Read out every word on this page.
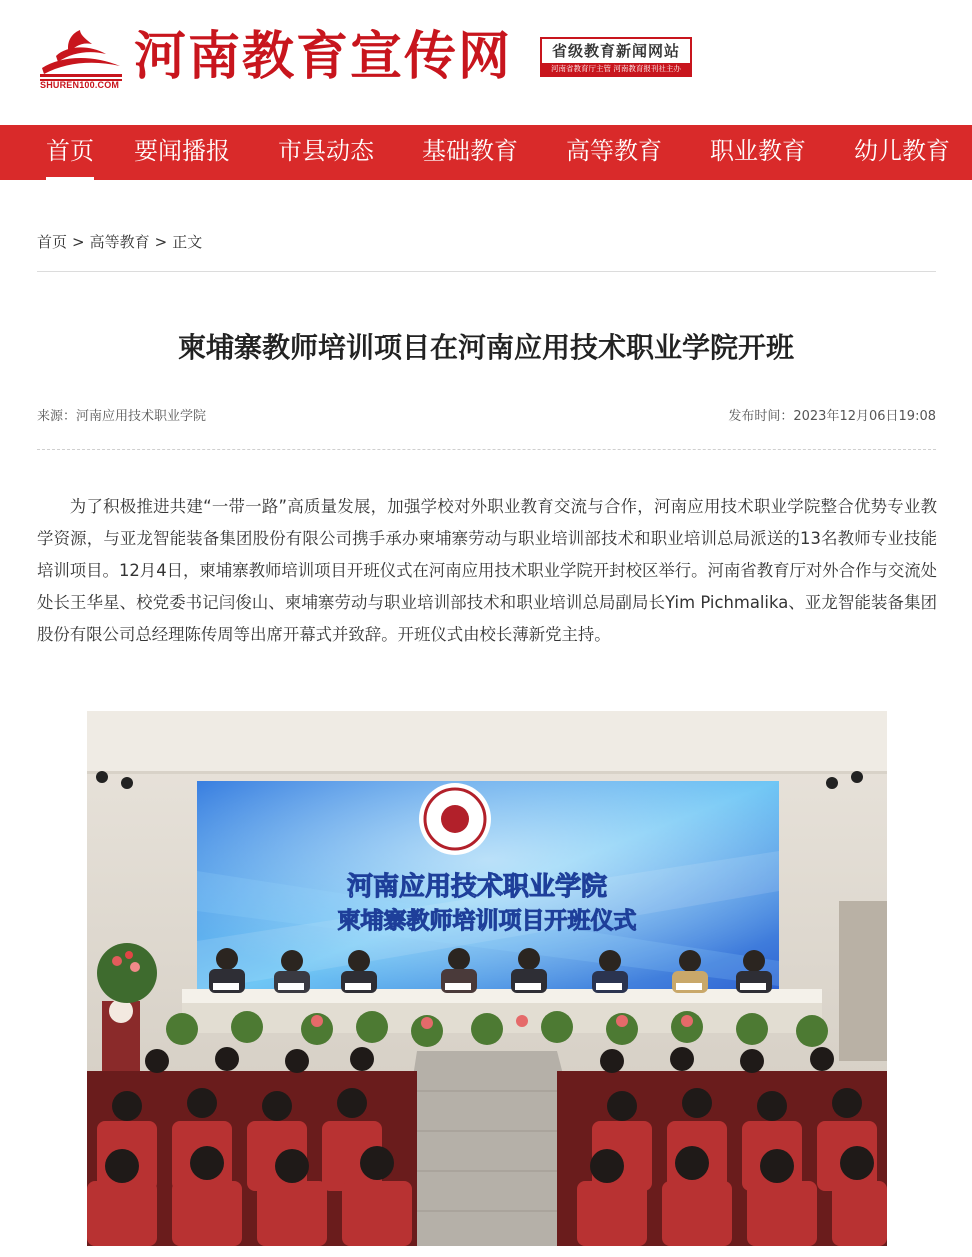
SHUREN100.COM 河南教育宣传网	省级教育新闻网站
河南省教育厅主管 河南教育报刊社主办
首页 要闻播报 市县动态 基础教育 高等教育 职业教育 幼儿教育
首页 > 高等教育 > 正文
柬埔寨教师培训项目在河南应用技术职业学院开班
来源：河南应用技术职业学院	发布时间：2023年12月06日19:08

为了积极推进共建“一带一路”高质量发展，加强学校对外职业教育交流与合作，河南应用技术职业学院整合优势专业教学资源，与亚龙智能装备集团股份有限公司携手承办柬埔寨劳动与职业培训部技术和职业培训总局派送的13名教师专业技能培训项目。12月4日，柬埔寨教师培训项目开班仪式在河南应用技术职业学院开封校区举行。河南省教育厅对外合作与交流处处长王华星、校党委书记闫俊山、柬埔寨劳动与职业培训部技术和职业培训总局副局长Yim Pichmalika、亚龙智能装备集团股份有限公司总经理陈传周等出席开幕式并致辞。开班仪式由校长薄新党主持。

河南应用技术职业学院
柬埔寨教师培训项目开班仪式
